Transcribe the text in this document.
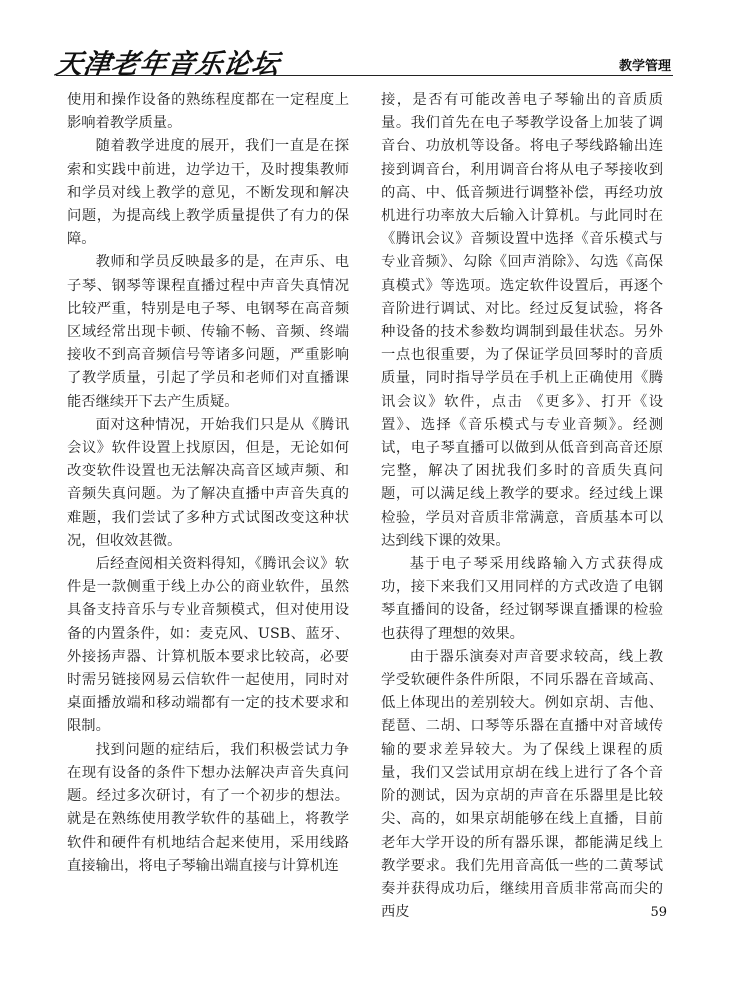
天津老年音乐论坛	教学管理

使用和操作设备的熟练程度都在一定程度上影响着教学质量。

随着教学进度的展开，我们一直是在探索和实践中前进，边学边干，及时搜集教师和学员对线上教学的意见，不断发现和解决问题，为提高线上教学质量提供了有力的保障。

教师和学员反映最多的是，在声乐、电子琴、钢琴等课程直播过程中声音失真情况比较严重，特别是电子琴、电钢琴在高音频区域经常出现卡顿、传输不畅、音频、终端接收不到高音频信号等诸多问题，严重影响了教学质量，引起了学员和老师们对直播课能否继续开下去产生质疑。

面对这种情况，开始我们只是从《腾讯会议》软件设置上找原因，但是，无论如何改变软件设置也无法解决高音区域声频、和音频失真问题。为了解决直播中声音失真的难题，我们尝试了多种方式试图改变这种状况，但收效甚微。

后经查阅相关资料得知，《腾讯会议》软件是一款侧重于线上办公的商业软件，虽然具备支持音乐与专业音频模式，但对使用设备的内置条件，如：麦克风、USB、蓝牙、外接扬声器、计算机版本要求比较高，必要时需另链接网易云信软件一起使用，同时对桌面播放端和移动端都有一定的技术要求和限制。

找到问题的症结后，我们积极尝试力争在现有设备的条件下想办法解决声音失真问题。经过多次研讨，有了一个初步的想法。就是在熟练使用教学软件的基础上，将教学软件和硬件有机地结合起来使用，采用线路直接输出，将电子琴输出端直接与计算机连

接，是否有可能改善电子琴输出的音质质量。我们首先在电子琴教学设备上加装了调音台、功放机等设备。将电子琴线路输出连接到调音台，利用调音台将从电子琴接收到的高、中、低音频进行调整补偿，再经功放机进行功率放大后输入计算机。与此同时在《腾讯会议》音频设置中选择《音乐模式与专业音频》、勾除《回声消除》、勾选《高保真模式》等选项。选定软件设置后，再逐个音阶进行调试、对比。经过反复试验，将各种设备的技术参数均调制到最佳状态。另外一点也很重要，为了保证学员回琴时的音质质量，同时指导学员在手机上正确使用《腾讯会议》软件，点击 《更多》、打开《设置》、选择《音乐模式与专业音频》。经测试，电子琴直播可以做到从低音到高音还原完整，解决了困扰我们多时的音质失真问题，可以满足线上教学的要求。经过线上课检验，学员对音质非常满意，音质基本可以达到线下课的效果。

基于电子琴采用线路输入方式获得成功，接下来我们又用同样的方式改造了电钢琴直播间的设备，经过钢琴课直播课的检验也获得了理想的效果。

由于器乐演奏对声音要求较高，线上教学受软硬件条件所限，不同乐器在音域高、低上体现出的差别较大。例如京胡、吉他、琵琶、二胡、口琴等乐器在直播中对音域传输的要求差异较大。为了保线上课程的质量，我们又尝试用京胡在线上进行了各个音阶的测试，因为京胡的声音在乐器里是比较尖、高的，如果京胡能够在线上直播，目前老年大学开设的所有器乐课，都能满足线上教学要求。我们先用音高低一些的二黄琴试奏并获得成功后，继续用音质非常高而尖的西皮	59
